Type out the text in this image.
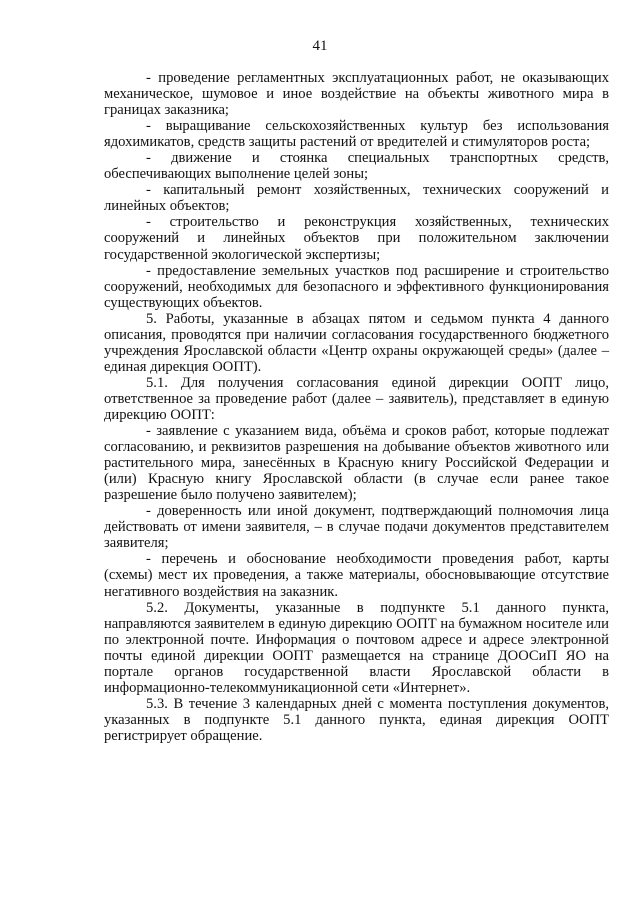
41

- проведение регламентных эксплуатационных работ, не оказывающих механическое, шумовое и иное воздействие на объекты животного мира в границах заказника;

- выращивание сельскохозяйственных культур без использования ядохимикатов, средств защиты растений от вредителей и стимуляторов роста;

- движение и стоянка специальных транспортных средств, обеспечивающих выполнение целей зоны;

- капитальный ремонт хозяйственных, технических сооружений и линейных объектов;

- строительство и реконструкция хозяйственных, технических сооружений и линейных объектов при положительном заключении государственной экологической экспертизы;

- предоставление земельных участков под расширение и строительство сооружений, необходимых для безопасного и эффективного функционирования существующих объектов.

5. Работы, указанные в абзацах пятом и седьмом пункта 4 данного описания, проводятся при наличии согласования государственного бюджетного учреждения Ярославской области «Центр охраны окружающей среды» (далее – единая дирекция ООПТ).

5.1. Для получения согласования единой дирекции ООПТ лицо, ответственное за проведение работ (далее – заявитель), представляет в единую дирекцию ООПТ:

- заявление с указанием вида, объёма и сроков работ, которые подлежат согласованию, и реквизитов разрешения на добывание объектов животного или растительного мира, занесённых в Красную книгу Российской Федерации и (или) Красную книгу Ярославской области (в случае если ранее такое разрешение было получено заявителем);

- доверенность или иной документ, подтверждающий полномочия лица действовать от имени заявителя, – в случае подачи документов представителем заявителя;

- перечень и обоснование необходимости проведения работ, карты (схемы) мест их проведения, а также материалы, обосновывающие отсутствие негативного воздействия на заказник.

5.2. Документы, указанные в подпункте 5.1 данного пункта, направляются заявителем в единую дирекцию ООПТ на бумажном носителе или по электронной почте. Информация о почтовом адресе и адресе электронной почты единой дирекции ООПТ размещается на странице ДООСиП ЯО на портале органов государственной власти Ярославской области в информационно-телекоммуникационной сети «Интернет».

5.3. В течение 3 календарных дней с момента поступления документов, указанных в подпункте 5.1 данного пункта, единая дирекция ООПТ регистрирует обращение.
